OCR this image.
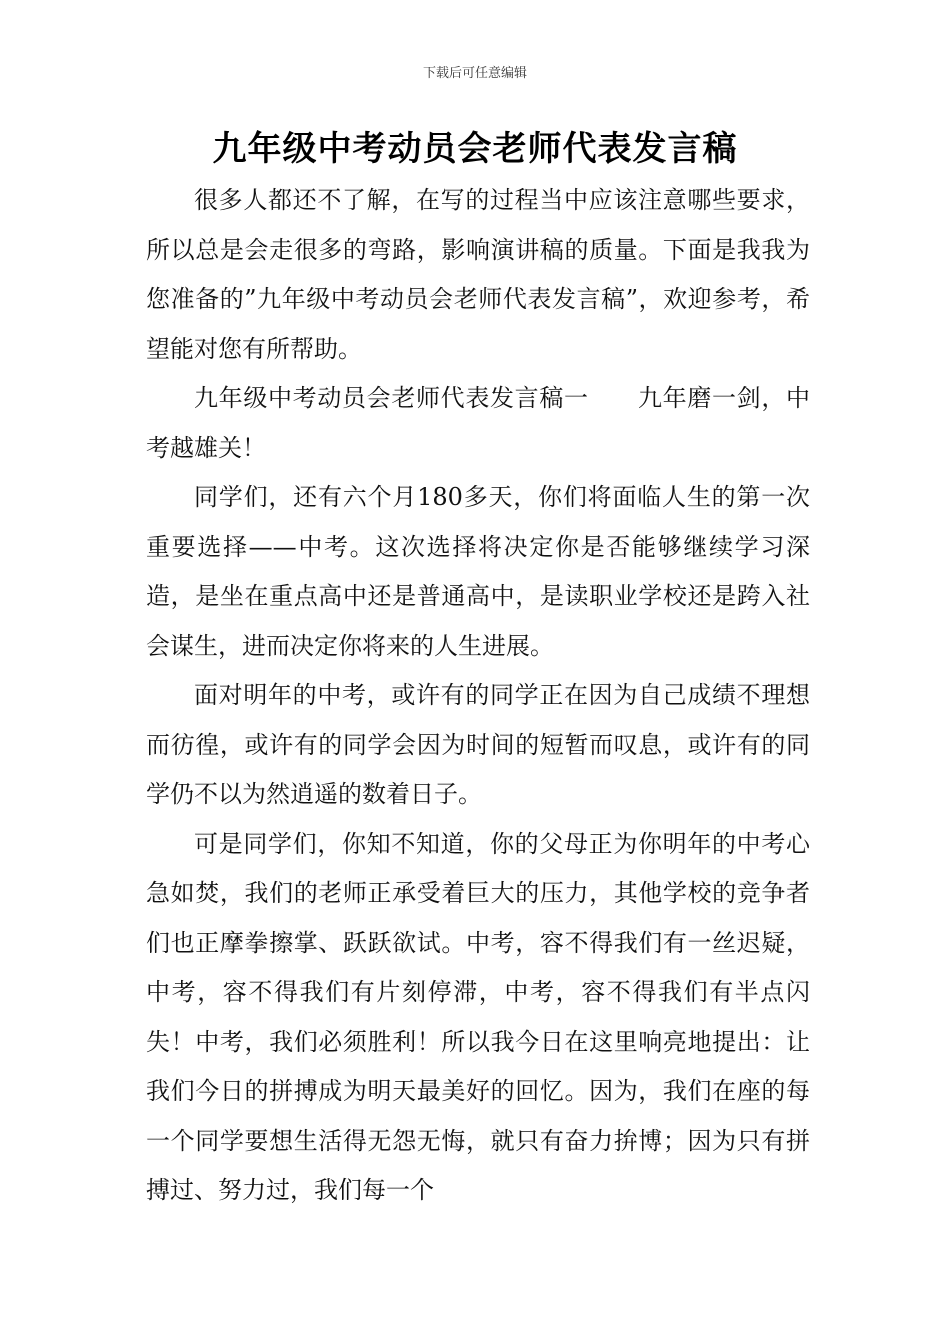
下载后可任意编辑
九年级中考动员会老师代表发言稿

很多人都还不了解，在写的过程当中应该注意哪些要求，所以总是会走很多的弯路，影响演讲稿的质量。下面是我我为您准备的”九年级中考动员会老师代表发言稿”，欢迎参考，希望能对您有所帮助。

九年级中考动员会老师代表发言稿一　　九年磨一剑，中考越雄关！

同学们，还有六个月180多天，你们将面临人生的第一次重要选择——中考。这次选择将决定你是否能够继续学习深造，是坐在重点高中还是普通高中，是读职业学校还是跨入社会谋生，进而决定你将来的人生进展。

面对明年的中考，或许有的同学正在因为自己成绩不理想而彷徨，或许有的同学会因为时间的短暂而叹息，或许有的同学仍不以为然逍遥的数着日子。

可是同学们，你知不知道，你的父母正为你明年的中考心急如焚，我们的老师正承受着巨大的压力，其他学校的竞争者们也正摩拳擦掌、跃跃欲试。中考，容不得我们有一丝迟疑，中考，容不得我们有片刻停滞，中考，容不得我们有半点闪失！中考，我们必须胜利！所以我今日在这里响亮地提出：让我们今日的拼搏成为明天最美好的回忆。因为，我们在座的每一个同学要想生活得无怨无悔，就只有奋力拚博；因为只有拼搏过、努力过，我们每一个
